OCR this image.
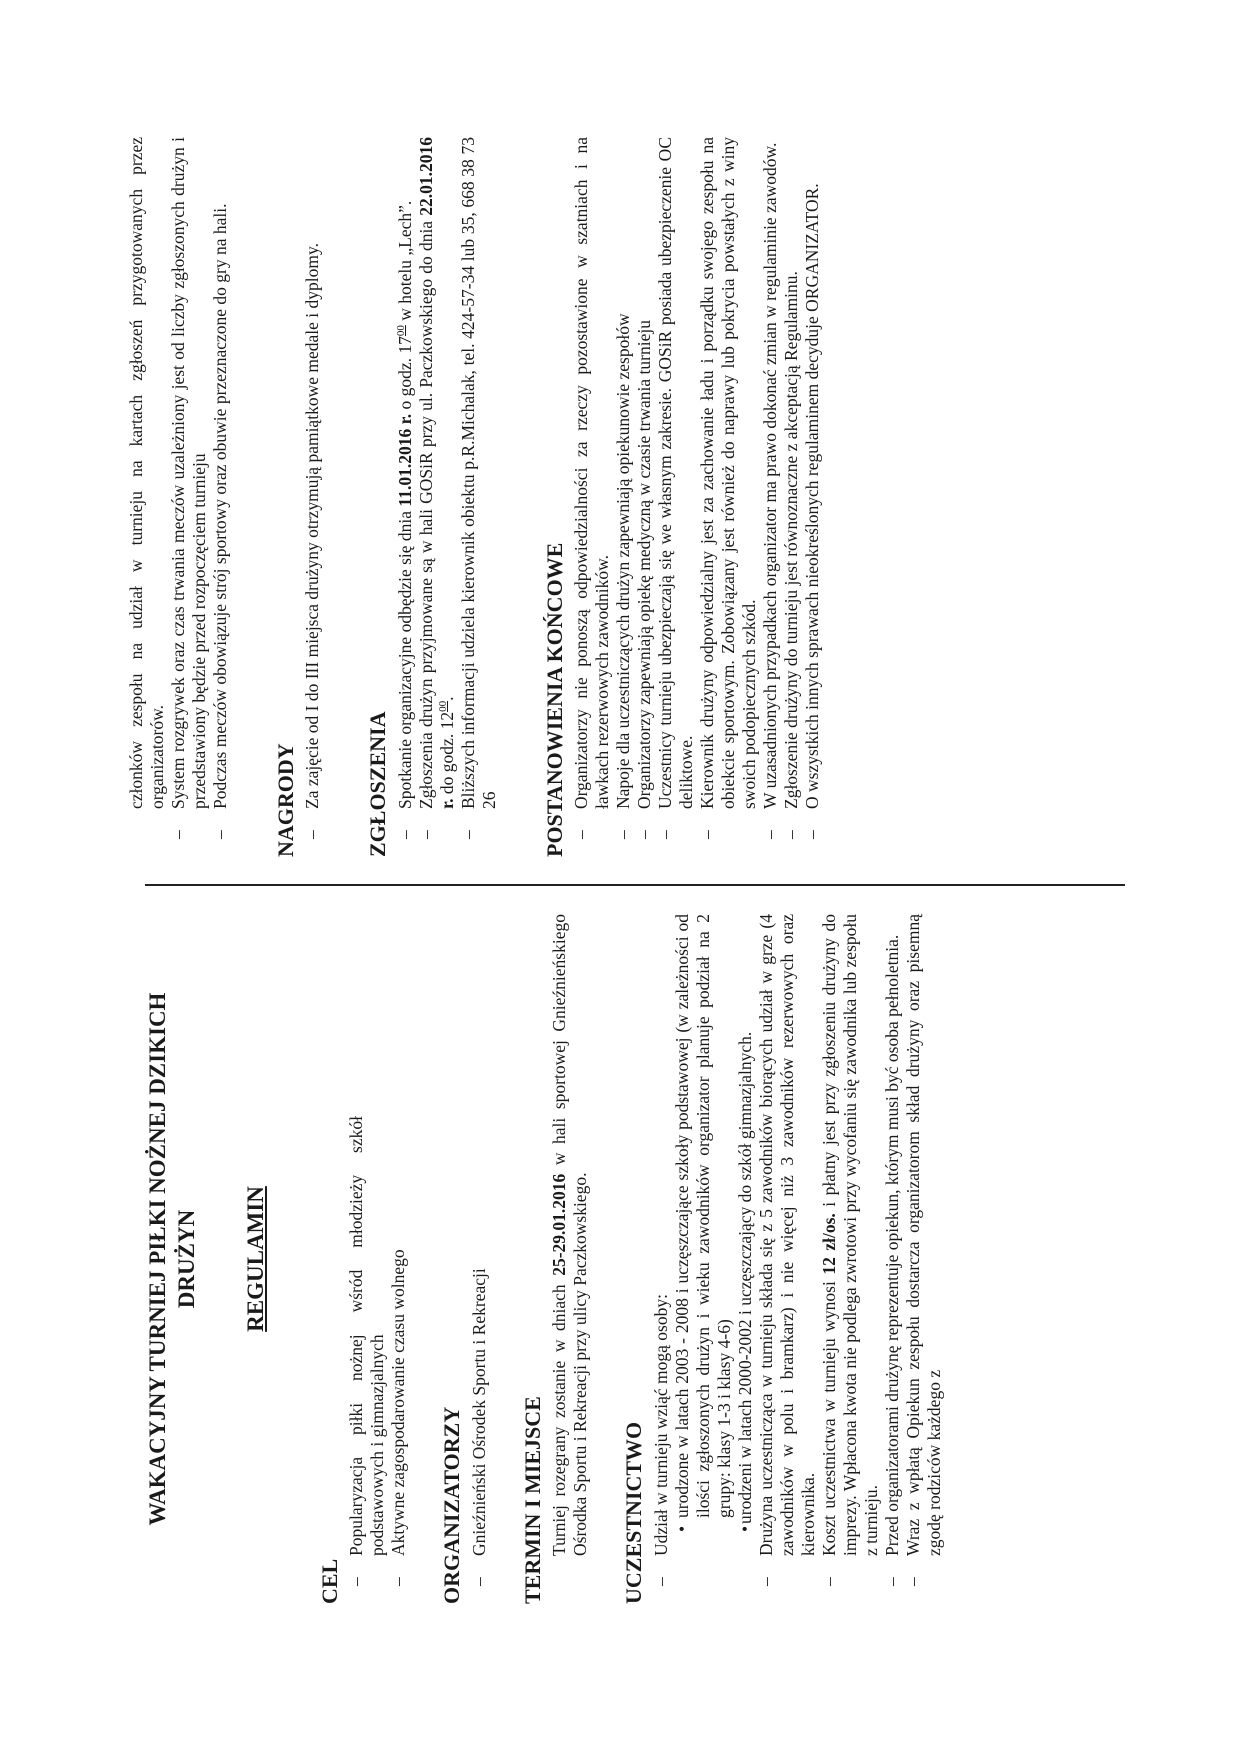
WAKACYJNY TURNIEJ PIŁKI NOŻNEJ DZIKICH DRUŻYN REGULAMIN
CEL
– Popularyzacja piłki nożnej wśród młodzieży szkół podstawowych i gimnazjalnych – Aktywne zagospodarowanie czasu wolnego ORGANIZATORZY – Gnieźnieński Ośrodek Sportu i Rekreacji TERMIN I MIEJSCE Turniej rozegrany zostanie w dniach 25-29.01.2016 w hali sportowej Gnieźnieńskiego Ośrodka Sportu i Rekreacji przy ulicy Paczkowskiego. UCZESTNICTWO – Udział w turnieju wziąć mogą osoby: • urodzone w latach 2003 - 2008 i uczęszczające szkoły podstawowej (w zależności od ilości zgłoszonych drużyn i wieku zawodników organizator planuje podział na 2 grupy: klasy 1-3 i klasy 4-6) • urodzeni w latach 2000-2002 i uczęszczający do szkół gimnazjalnych. – Drużyna uczestnicząca w turnieju składa się z 5 zawodników biorących udział w grze (4 zawodników w polu i bramkarz) i nie więcej niż 3 zawodników rezerwowych oraz kierownika. – Koszt uczestnictwa w turnieju wynosi 12 zł/os. i płatny jest przy zgłoszeniu drużyny do imprezy. Wpłacona kwota nie podlega zwrotowi przy wycofaniu się zawodnika lub zespołu z turnieju. – Przed organizatorami drużynę reprezentuje opiekun, którym musi być osoba pełnoletnia. – Wraz z wpłatą Opiekun zespołu dostarcza organizatorom skład drużyny oraz pisemną zgodę rodziców każdego z

członków zespołu na udział w turnieju na kartach zgłoszeń przygotowanych przez organizatorów. – System rozgrywek oraz czas trwania meczów uzależniony jest od liczby zgłoszonych drużyn i przedstawiony będzie przed rozpoczęciem turnieju – Podczas meczów obowiązuje strój sportowy oraz obuwie przeznaczone do gry na hali. NAGRODY – Za zajęcie od I do III miejsca drużyny otrzymują pamiątkowe medale i dyplomy. ZGŁOSZENIA – Spotkanie organizacyjne odbędzie się dnia 11.01.2016 r. o godz. $17^{00}$ w hotelu „Lech”. – Zgłoszenia drużyn przyjmowane są w hali GOSiR przy ul. Paczkowskiego do dnia 22.01.2016 r. do godz. $12^{00}$. – Bliższych informacji udziela kierownik obiektu p.R.Michalak, tel. 424-57-34 lub 35, 668 38 73 26 POSTANOWIENIA KOŃCOWE – Organizatorzy nie ponoszą odpowiedzialności za rzeczy pozostawione w szatniach i na ławkach rezerwowych zawodników. – Napoje dla uczestniczących drużyn zapewniają opiekunowie zespołów – Organizatorzy zapewniają opiekę medyczną w czasie trwania turnieju – Uczestnicy turnieju ubezpieczają się we własnym zakresie. GOSiR posiada ubezpieczenie OC deliktowe. – Kierownik drużyny odpowiedzialny jest za zachowanie ładu i porządku swojego zespołu na obiekcie sportowym. Zobowiązany jest również do naprawy lub pokrycia powstałych z winy swoich podopiecznych szkód. – W uzasadnionych przypadkach organizator ma prawo dokonać zmian w regulaminie zawodów. – Zgłoszenie drużyny do turnieju jest równoznaczne z akceptacją Regulaminu. – O wszystkich innych sprawach nieokreślonych regulaminem decyduje ORGANIZATOR.
